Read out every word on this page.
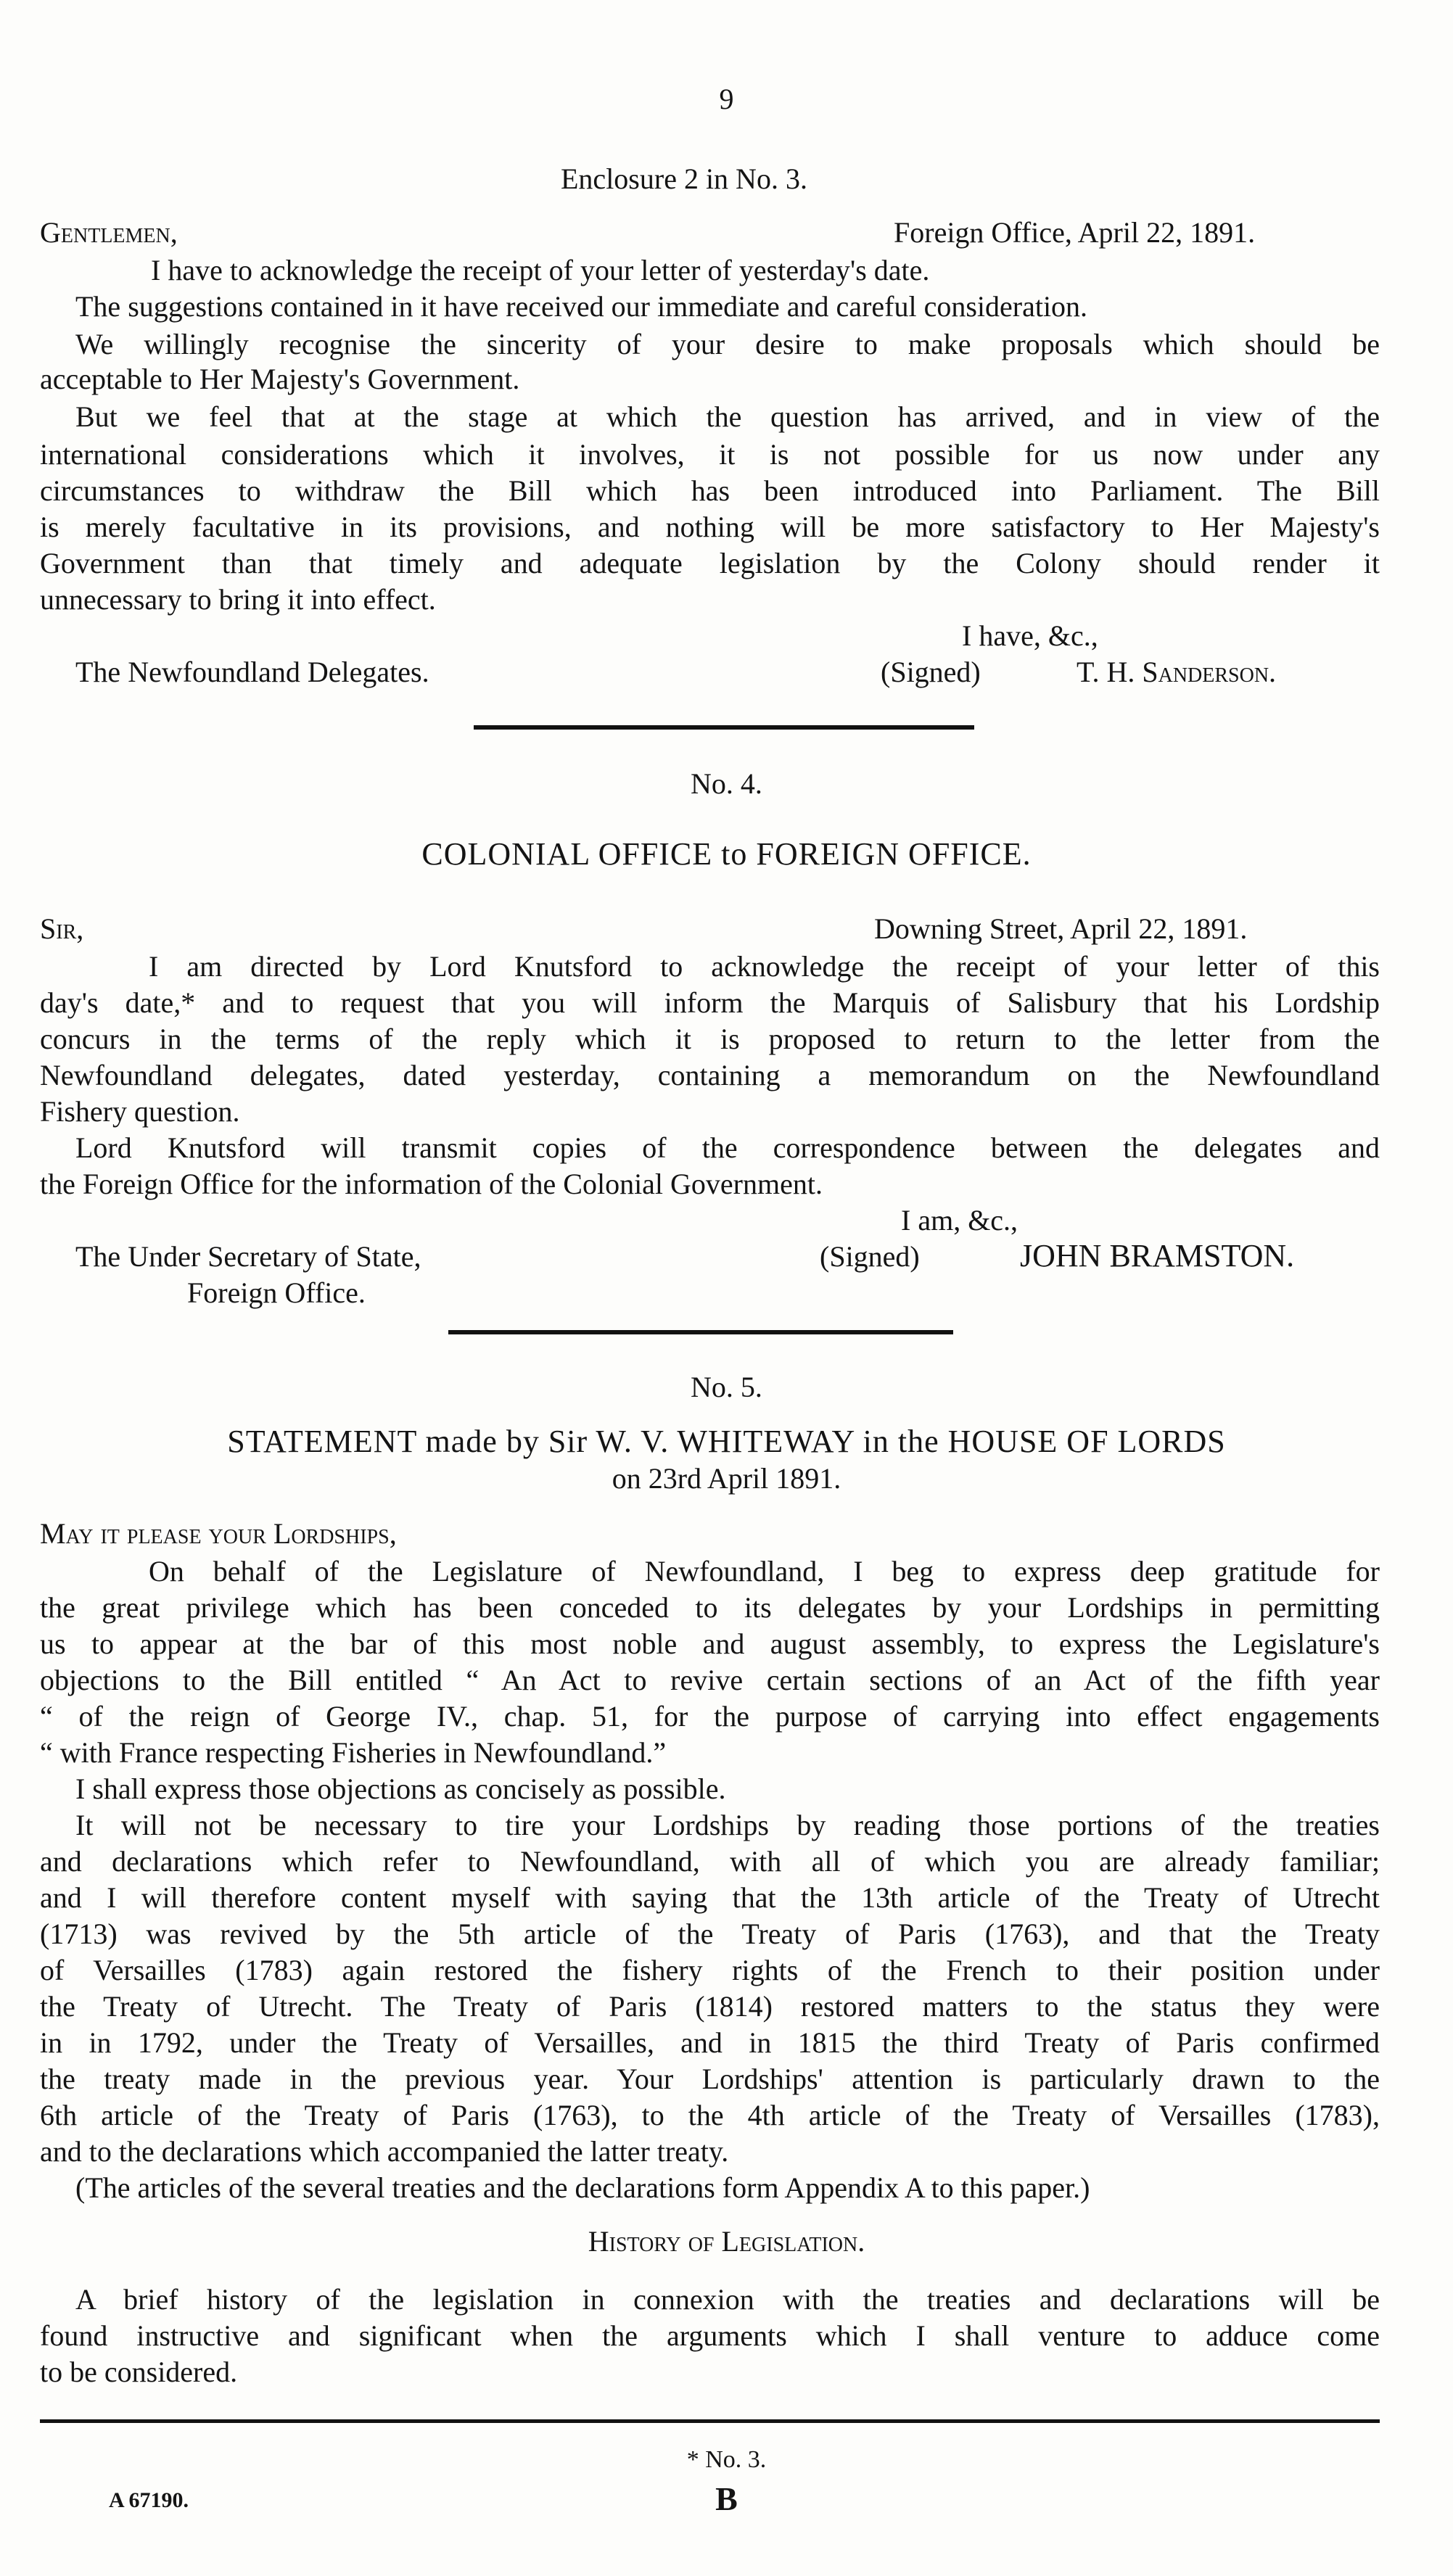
9
Enclosure 2 in No. 3.
Gentlemen,	Foreign Office, April 22, 1891.
I have to acknowledge the receipt of your letter of yesterday's date.
The suggestions contained in it have received our immediate and careful consideration.
We willingly recognise the sincerity of your desire to make proposals which should be
acceptable to Her Majesty's Government.
But we feel that at the stage at which the question has arrived, and in view of the
international considerations which it involves, it is not possible for us now under any
circumstances to withdraw the Bill which has been introduced into Parliament. The Bill
is merely facultative in its provisions, and nothing will be more satisfactory to Her Majesty's
Government than that timely and adequate legislation by the Colony should render it
unnecessary to bring it into effect.
I have, &c.,
The Newfoundland Delegates.	(Signed)	T. H. Sanderson.
No. 4.
COLONIAL OFFICE to FOREIGN OFFICE.
Sir,	Downing Street, April 22, 1891.
I am directed by Lord Knutsford to acknowledge the receipt of your letter of this
day's date,* and to request that you will inform the Marquis of Salisbury that his Lordship
concurs in the terms of the reply which it is proposed to return to the letter from the
Newfoundland delegates, dated yesterday, containing a memorandum on the Newfoundland
Fishery question.
Lord Knutsford will transmit copies of the correspondence between the delegates and
the Foreign Office for the information of the Colonial Government.
I am, &c.,
The Under Secretary of State,	(Signed)	JOHN BRAMSTON.
Foreign Office.
No. 5.
STATEMENT made by Sir W. V. WHITEWAY in the HOUSE OF LORDS
on 23rd April 1891.
May it please your Lordships,
On behalf of the Legislature of Newfoundland, I beg to express deep gratitude for
the great privilege which has been conceded to its delegates by your Lordships in permitting
us to appear at the bar of this most noble and august assembly, to express the Legislature's
objections to the Bill entitled “ An Act to revive certain sections of an Act of the fifth year
“ of the reign of George IV., chap. 51, for the purpose of carrying into effect engagements
“ with France respecting Fisheries in Newfoundland.”
I shall express those objections as concisely as possible.
It will not be necessary to tire your Lordships by reading those portions of the treaties
and declarations which refer to Newfoundland, with all of which you are already familiar;
and I will therefore content myself with saying that the 13th article of the Treaty of Utrecht
(1713) was revived by the 5th article of the Treaty of Paris (1763), and that the Treaty
of Versailles (1783) again restored the fishery rights of the French to their position under
the Treaty of Utrecht. The Treaty of Paris (1814) restored matters to the status they were
in in 1792, under the Treaty of Versailles, and in 1815 the third Treaty of Paris confirmed
the treaty made in the previous year. Your Lordships' attention is particularly drawn to the
6th article of the Treaty of Paris (1763), to the 4th article of the Treaty of Versailles (1783),
and to the declarations which accompanied the latter treaty.
(The articles of the several treaties and the declarations form Appendix A to this paper.)
History of Legislation.
A brief history of the legislation in connexion with the treaties and declarations will be
found instructive and significant when the arguments which I shall venture to adduce come
to be considered.
* No. 3.
A 67190.	B
